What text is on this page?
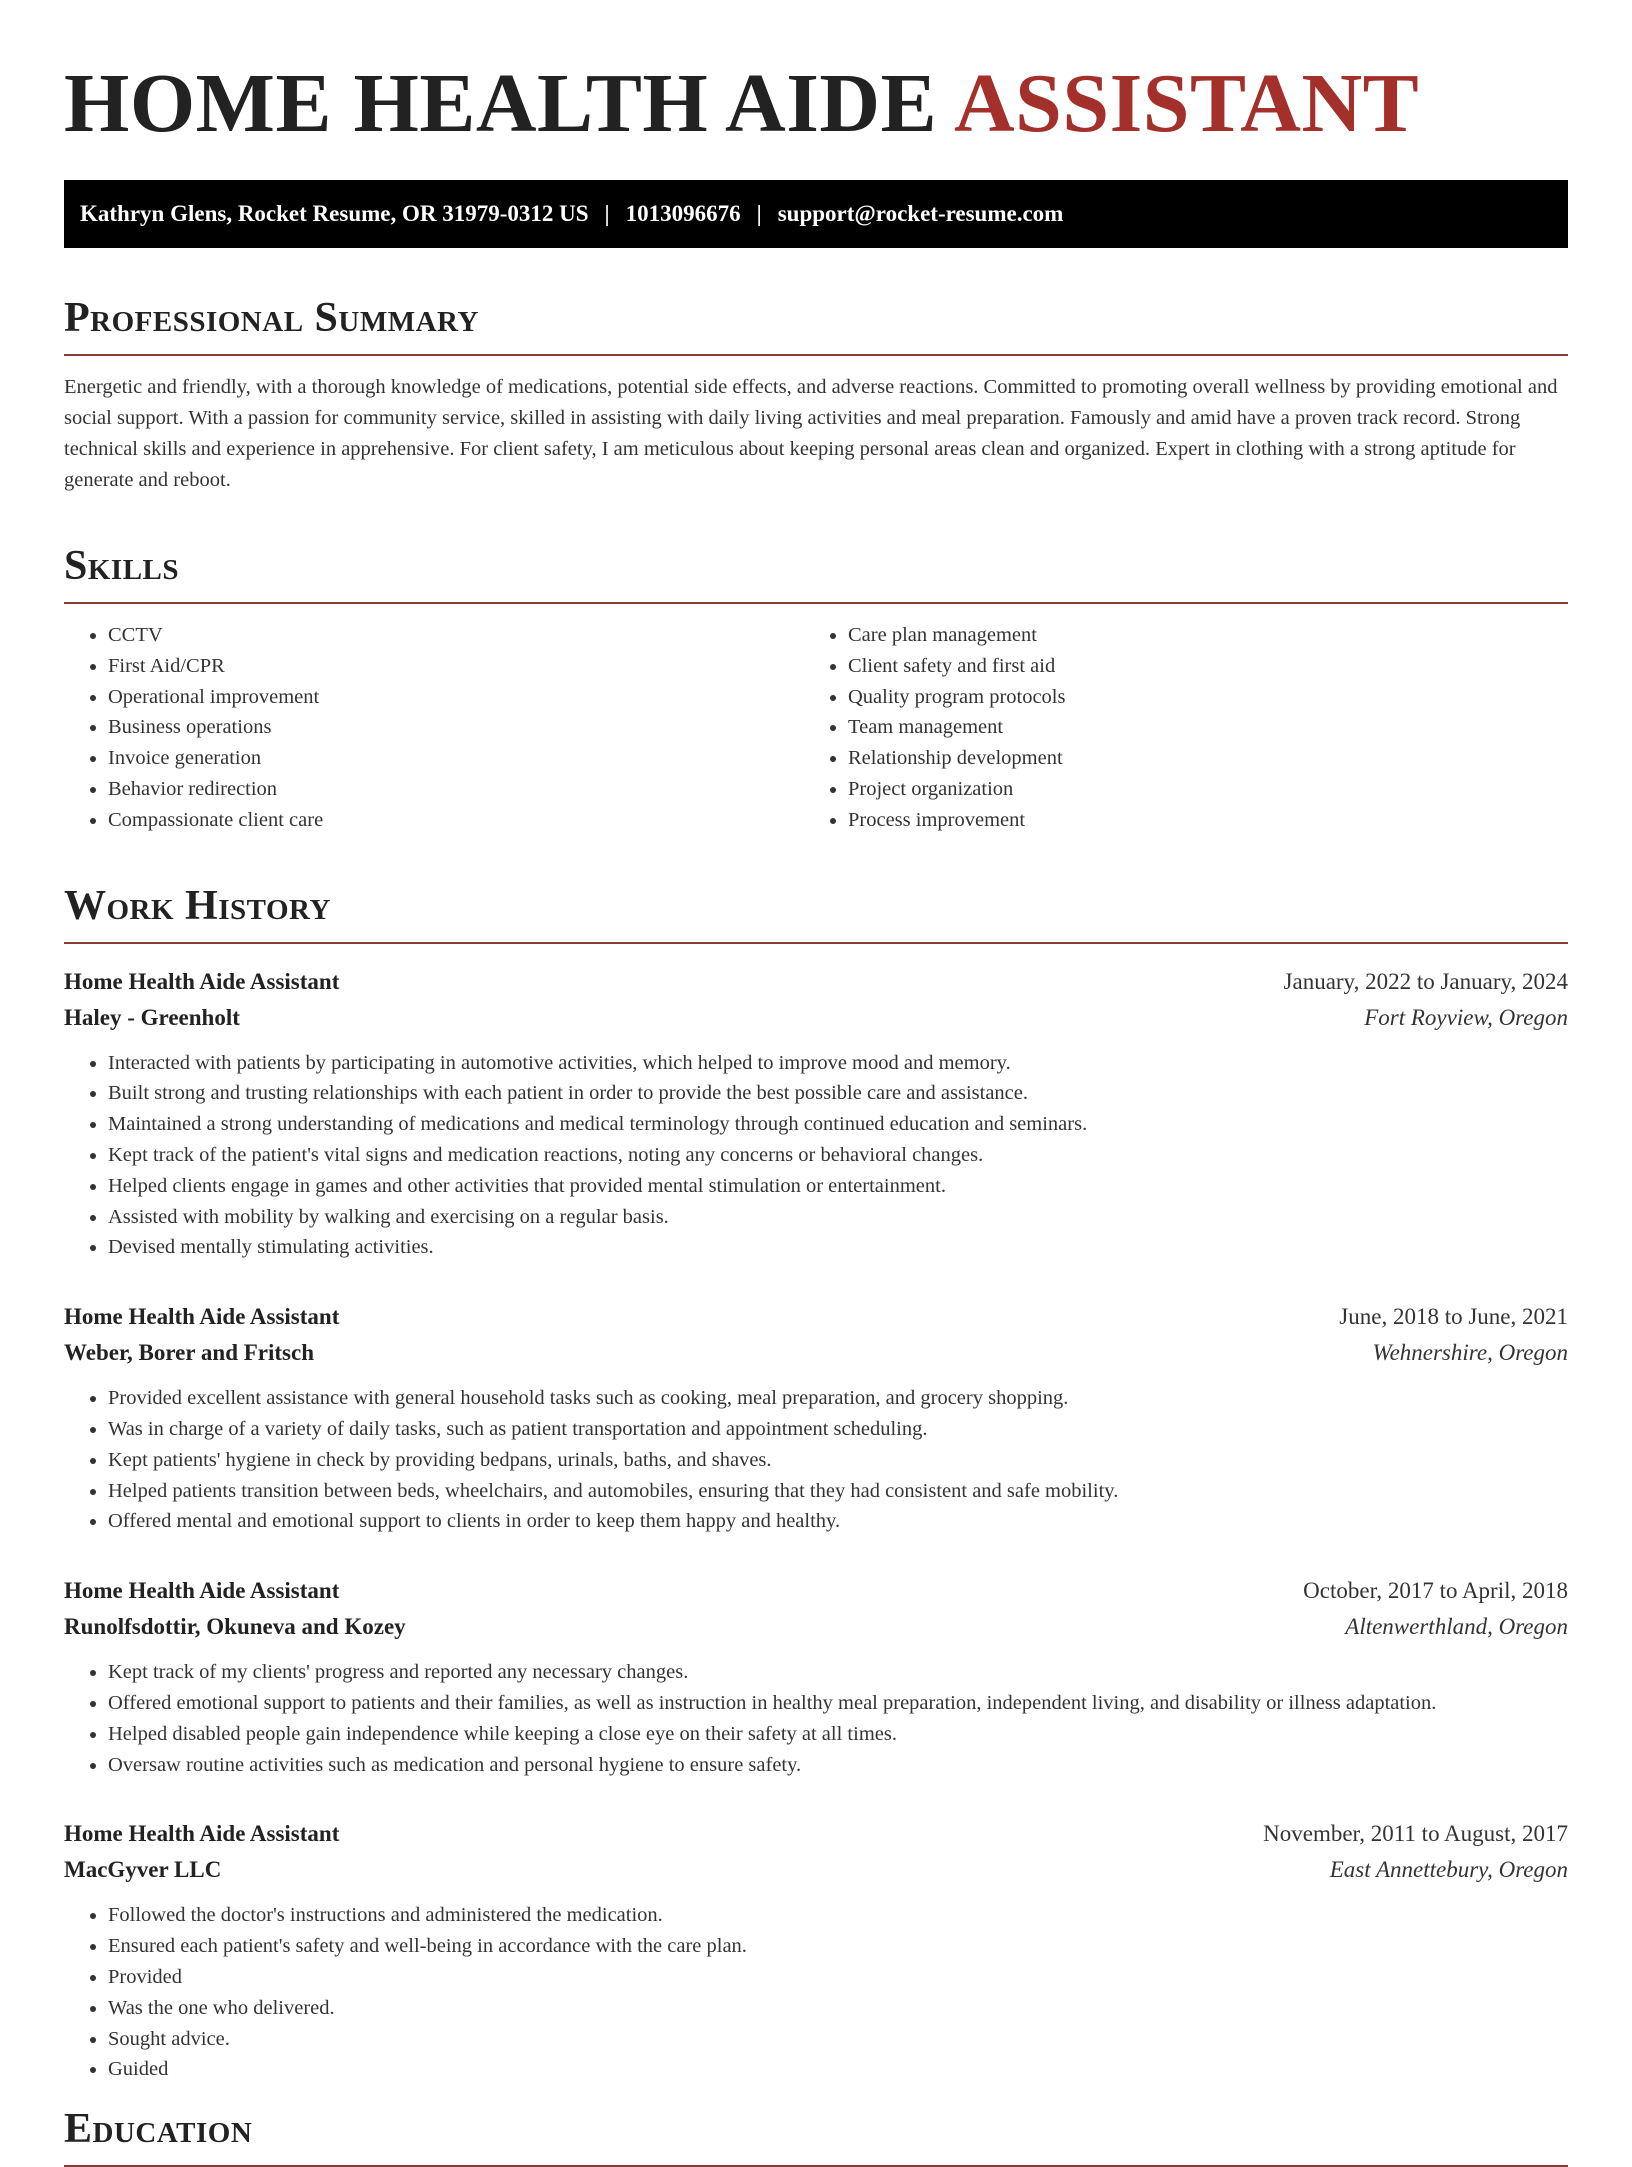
HOME HEALTH AIDE ASSISTANT
Kathryn Glens, Rocket Resume, OR 31979-0312 US | 1013096676 | support@rocket-resume.com
Professional Summary

Energetic and friendly, with a thorough knowledge of medications, potential side effects, and adverse reactions. Committed to promoting overall wellness by providing emotional and social support. With a passion for community service, skilled in assisting with daily living activities and meal preparation. Famously and amid have a proven track record. Strong technical skills and experience in apprehensive. For client safety, I am meticulous about keeping personal areas clean and organized. Expert in clothing with a strong aptitude for generate and reboot.

Skills
• CCTV
• First Aid/CPR
• Operational improvement
• Business operations
• Invoice generation
• Behavior redirection
• Compassionate client care
• Care plan management
• Client safety and first aid
• Quality program protocols
• Team management
• Relationship development
• Project organization
• Process improvement
Work History
Home Health Aide Assistant	January, 2022 to January, 2024
Haley - Greenholt	Fort Royview, Oregon
• Interacted with patients by participating in automotive activities, which helped to improve mood and memory.
• Built strong and trusting relationships with each patient in order to provide the best possible care and assistance.
• Maintained a strong understanding of medications and medical terminology through continued education and seminars.
• Kept track of the patient's vital signs and medication reactions, noting any concerns or behavioral changes.
• Helped clients engage in games and other activities that provided mental stimulation or entertainment.
• Assisted with mobility by walking and exercising on a regular basis.
• Devised mentally stimulating activities.
Home Health Aide Assistant	June, 2018 to June, 2021
Weber, Borer and Fritsch	Wehnershire, Oregon
• Provided excellent assistance with general household tasks such as cooking, meal preparation, and grocery shopping.
• Was in charge of a variety of daily tasks, such as patient transportation and appointment scheduling.
• Kept patients' hygiene in check by providing bedpans, urinals, baths, and shaves.
• Helped patients transition between beds, wheelchairs, and automobiles, ensuring that they had consistent and safe mobility.
• Offered mental and emotional support to clients in order to keep them happy and healthy.
Home Health Aide Assistant	October, 2017 to April, 2018
Runolfsdottir, Okuneva and Kozey	Altenwerthland, Oregon
• Kept track of my clients' progress and reported any necessary changes.
• Offered emotional support to patients and their families, as well as instruction in healthy meal preparation, independent living, and disability or illness adaptation.
• Helped disabled people gain independence while keeping a close eye on their safety at all times.
• Oversaw routine activities such as medication and personal hygiene to ensure safety.
Home Health Aide Assistant	November, 2011 to August, 2017
MacGyver LLC	East Annettebury, Oregon
• Followed the doctor's instructions and administered the medication.
• Ensured each patient's safety and well-being in accordance with the care plan.
• Provided
• Was the one who delivered.
• Sought advice.
• Guided
Education
